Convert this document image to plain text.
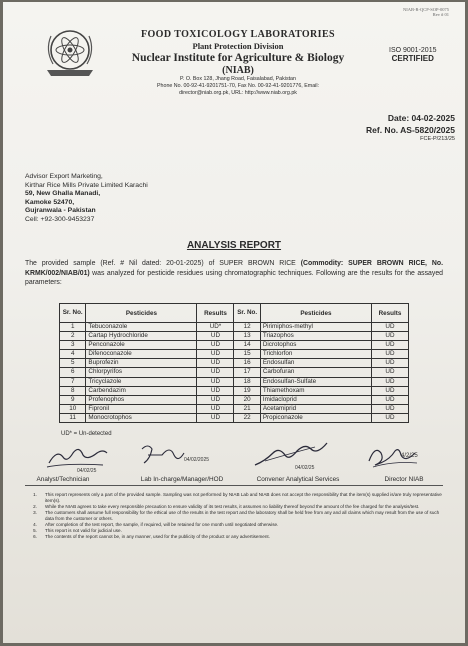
NIAB-R-QCP-SOP-0075
Rev # 01
FOOD TOXICOLOGY LABORATORIES
Plant Protection Division
Nuclear Institute for Agriculture & Biology
(NIAB)
P. O. Box 128, Jhang Road, Faisalabad, Pakistan
Phone No. 00-92-41-9201751-70, Fax No. 00-92-41-9201776, Email:
director@niab.org.pk, URL: http://www.niab.org.pk
ISO 9001-2015
CERTIFIED
Date: 04-02-2025
Ref. No. AS-5820/2025
FCE-P/213/25
Advisor Export Marketing,
Kirthar Rice Mills Private Limited Karachi
59, New Ghalla Manadi,
Kamoke 52470,
Gujranwala - Pakistan
Cell: +92-300-9453237
ANALYSIS REPORT
The provided sample (Ref. # Nil dated: 20-01-2025) of SUPER BROWN RICE (Commodity: SUPER BROWN RICE, No. KRMK/002/NIAB/01) was analyzed for pesticide residues using chromatographic techniques. Following are the results for the assayed parameters:
Sr. No.	Pesticides	Results	Sr. No.	Pesticides	Results
1	Tebuconazole	UD*	12	Pirimiphos-methyl	UD
2	Cartap Hydrochloride	UD	13	Triazophos	UD
3	Penconazole	UD	14	Dicrotophos	UD
4	Difenoconazole	UD	15	Trichlorfon	UD
5	Buprofezin	UD	16	Endosulfan	UD
6	Chlorpyrifos	UD	17	Carbofuran	UD
7	Tricyclazole	UD	18	Endosulfan-Sulfate	UD
8	Carbendazim	UD	19	Thiamethoxam	UD
9	Profenophos	UD	20	Imidacloprid	UD
10	Fipronil	UD	21	Acetamiprid	UD
11	Monocrotophos	UD	22	Propiconazole	UD
UD* = Un-detected
04/02/25
04/02/2025
04/02/25
4/2/25
Analyst/Technician	Lab In-charge/Manager/HOD	Convener Analytical Services	Director NIAB
1.	This report represents only a part of the provided sample. Sampling was not performed by NIAB Lab and NIAB does not accept the responsibility that the item(s) supplied is/are truly representative item(s).
2.	While the NIAB agrees to take every responsible precaution to ensure validity of its test results, it assumes no liability thereof beyond the amount of the fee charged for the analysis/test.
3.	The customers shall assume full responsibility for the ethical use of the results in the test report and the laboratory shall be held free from any and all claims which may result from the use of such data from the customer or others.
4.	After completion of the test report, the sample, if required, will be retained for one month until negotiated otherwise.
5.	This report is not valid for judicial use.
6.	The contents of the report cannot be, in any manner, used for the publicity of the product or any advertisement.
